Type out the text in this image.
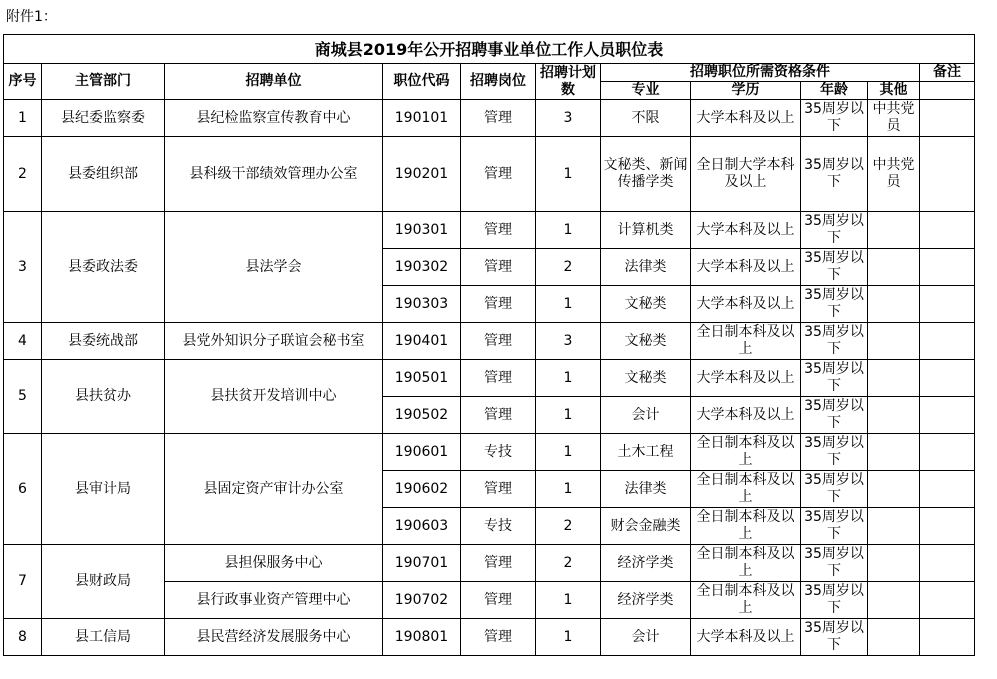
附件1：
商城县2019年公开招聘事业单位工作人员职位表										
序号	主管部门	招聘单位	职位代码	招聘岗位	招聘计划数	招聘职位所需资格条件				备注
						专业	学历	年龄	其他	
1	县纪委监察委	县纪检监察宣传教育中心	190101	管理	3	不限	大学本科及以上	35周岁以下	中共党员	
2	县委组织部	县科级干部绩效管理办公室	190201	管理	1	文秘类、新闻传播学类	全日制大学本科及以上	35周岁以下	中共党员	
3	县委政法委	县法学会	190301	管理	1	计算机类	大学本科及以上	35周岁以下		
			190302	管理	2	法律类	大学本科及以上	35周岁以下		
			190303	管理	1	文秘类	大学本科及以上	35周岁以下		
4	县委统战部	县党外知识分子联谊会秘书室	190401	管理	3	文秘类	全日制本科及以上	35周岁以下		
5	县扶贫办	县扶贫开发培训中心	190501	管理	1	文秘类	大学本科及以上	35周岁以下		
			190502	管理	1	会计	大学本科及以上	35周岁以下		
6	县审计局	县固定资产审计办公室	190601	专技	1	土木工程	全日制本科及以上	35周岁以下		
			190602	管理	1	法律类	全日制本科及以上	35周岁以下		
			190603	专技	2	财会金融类	全日制本科及以上	35周岁以下		
7	县财政局	县担保服务中心	190701	管理	2	经济学类	全日制本科及以上	35周岁以下		
		县行政事业资产管理中心	190702	管理	1	经济学类	全日制本科及以上	35周岁以下		
8	县工信局	县民营经济发展服务中心	190801	管理	1	会计	大学本科及以上	35周岁以下		
